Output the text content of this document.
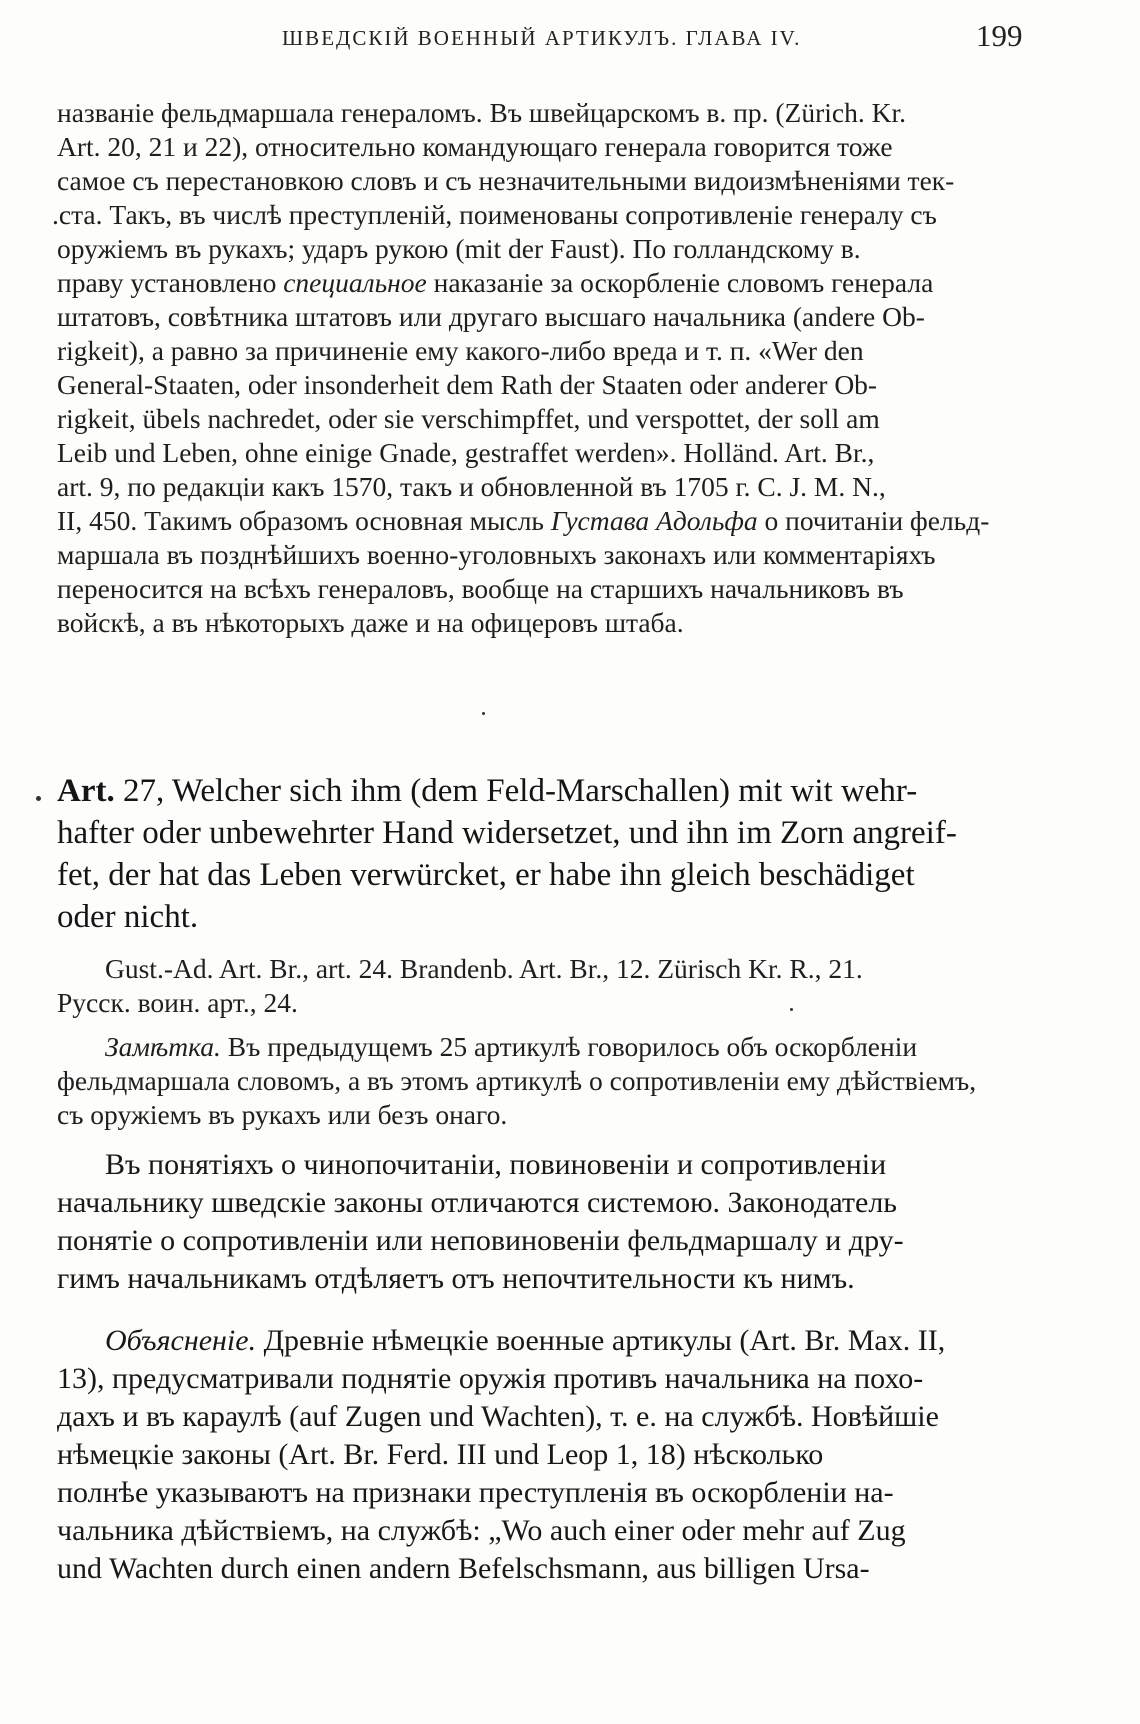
ШВЕДСКІЙ ВОЕННЫЙ АРТИКУЛЪ. ГЛАВА IV.	199
названіе фельдмаршала генераломъ. Въ швейцарскомъ в. пр. (Zürich. Kr.
Art. 20, 21 и 22), относительно командующаго генерала говорится тоже
самое съ перестановкою словъ и съ незначительными видоизмѣненіями тек-
.ста. Такъ, въ числѣ преступленій, поименованы сопротивленіе генералу съ
оружіемъ въ рукахъ; ударъ рукою (mit der Faust). По голландскому в.
праву установлено специальное наказаніе за оскорбленіе словомъ генерала
штатовъ, совѣтника штатовъ или другаго высшаго начальника (andere Ob-
rigkeit), а равно за причиненіе ему какого-либо вреда и т. п. «Wer den
General-Staaten, oder insonderheit dem Rath der Staaten oder anderer Ob-
rigkeit, übels nachredet, oder sie verschimpffet, und verspottet, der soll am
Leib und Leben, ohne einige Gnade, gestraffet werden». Holländ. Art. Br.,
art. 9, по редакціи какъ 1570, такъ и обновленной въ 1705 г. C. J. M. N.,
II, 450. Такимъ образомъ основная мысль Густава Адольфа о почитаніи фельд-
маршала въ позднѣйшихъ военно-уголовныхъ законахъ или комментаріяхъ
переносится на всѣхъ генераловъ, вообще на старшихъ начальниковъ въ
войскѣ, а въ нѣкоторыхъ даже и на офицеровъ штаба.
Art. 27, Welcher sich ihm (dem Feld-Marschallen) mit wit wehr-
hafter oder unbewehrter Hand widersetzet, und ihn im Zorn angreif-
fet, der hat das Leben verwürcket, er habe ihn gleich beschädiget
oder nicht.
Gust.-Ad. Art. Br., art. 24. Brandenb. Art. Br., 12. Zürisch Kr. R., 21.
Русск. воин. арт., 24.
Замѣтка. Въ предыдущемъ 25 артикулѣ говорилось объ оскорбленіи
фельдмаршала словомъ, а въ этомъ артикулѣ о сопротивленіи ему дѣйствіемъ,
съ оружіемъ въ рукахъ или безъ онаго.
Въ понятіяхъ о чинопочитаніи, повиновеніи и сопротивленіи
начальнику шведскіе законы отличаются системою. Законодатель
понятіе о сопротивленіи или неповиновеніи фельдмаршалу и дру-
гимъ начальникамъ отдѣляетъ отъ непочтительности къ нимъ.
Объясненіе. Древніе нѣмецкіе военные артикулы (Art. Br. Max. II,
13), предусматривали поднятіе оружія противъ начальника на похо-
дахъ и въ караулѣ (auf Zugen und Wachten), т. е. на службѣ. Новѣйшіе
нѣмецкіе законы (Art. Br. Ferd. III und Leop 1, 18) нѣсколько
полнѣе указываютъ на признаки преступленія въ оскорбленіи на-
чальника дѣйствіемъ, на службѣ: „Wo auch einer oder mehr auf Zug
und Wachten durch einen andern Befelschsmann, aus billigen Ursa-
